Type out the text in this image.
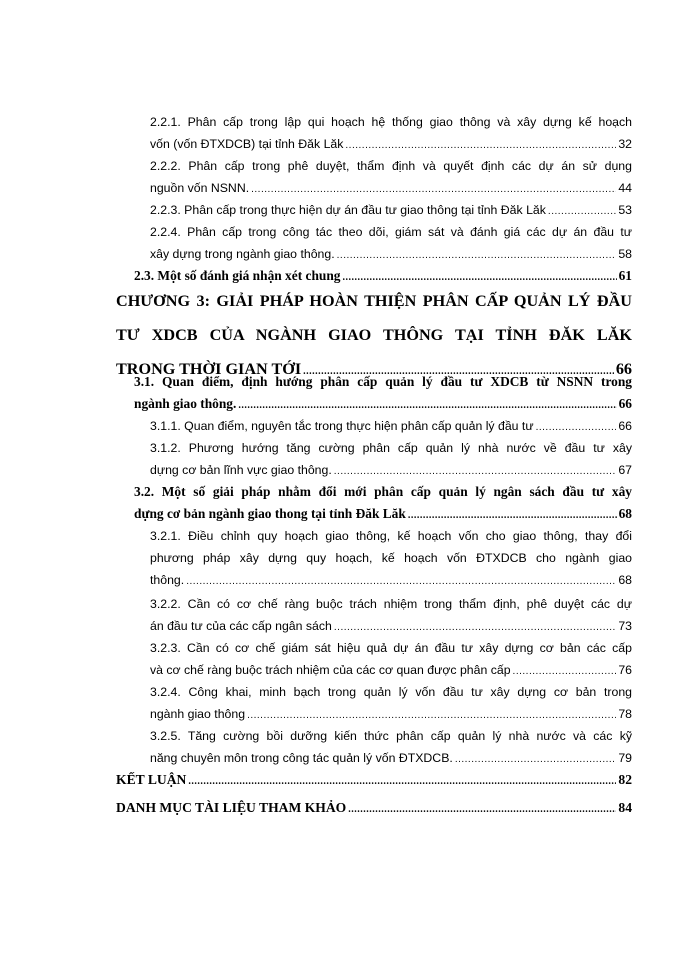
2.2.1. Phân cấp trong lập qui hoạch hệ thống giao thông và xây dựng kế hoạch
vốn (vốn ĐTXDCB) tại tỉnh Đăk Lăk .....	32
2.2.2. Phân cấp trong phê duyệt, thẩm định và quyết định các dự án sử dụng
nguồn vốn NSNN. .....	44
2.2.3. Phân cấp trong thực hiện dự án đầu tư giao thông tại tỉnh Đăk Lăk .....	53
2.2.4. Phân cấp trong công tác theo dõi, giám sát và đánh giá các dự án đầu tư
xây dựng trong ngành giao thông. .....	58
2.3. Một số đánh giá nhận xét chung .....	61
CHƯƠNG 3: GIẢI PHÁP HOÀN THIỆN PHÂN CẤP QUẢN LÝ ĐẦU
TƯ XDCB CỦA NGÀNH GIAO THÔNG TẠI TỈNH ĐĂK LĂK
TRONG THỜI GIAN TỚI .....	66
3.1. Quan điểm, định hướng phân cấp quản lý đầu tư XDCB từ NSNN trong
ngành giao thông. .....	66
3.1.1. Quan điểm, nguyên tắc trong thực hiện phân cấp quản lý đầu tư .....	66
3.1.2. Phương hướng tăng cường phân cấp quản lý nhà nước về đầu tư xây
dựng cơ bản lĩnh vực giao thông. .....	67
3.2. Một số giải pháp nhằm đổi mới phân cấp quản lý ngân sách đầu tư xây
dựng cơ bản ngành giao thong tại tỉnh Đăk Lăk .....	68
3.2.1. Điều chỉnh quy hoạch giao thông, kế hoạch vốn cho giao thông, thay đổi
phương pháp xây dựng quy hoạch, kế hoạch vốn ĐTXDCB cho ngành giao
thông. .....	68
3.2.2. Cần có cơ chế ràng buộc trách nhiệm trong thẩm định, phê duyệt các dự
án đầu tư của các cấp ngân sách .....	73
3.2.3. Cần có cơ chế giám sát hiệu quả dự án đầu tư xây dựng cơ bản các cấp
và cơ chế ràng buộc trách nhiệm của các cơ quan được phân cấp .....	76
3.2.4. Công khai, minh bạch trong quản lý vốn đầu tư xây dựng cơ bản trong
ngành giao thông .....	78
3.2.5. Tăng cường bồi dưỡng kiến thức phân cấp quản lý nhà nước và các kỹ
năng chuyên môn trong công tác quản lý vốn ĐTXDCB. .....	79
KẾT LUẬN .....	82
DANH MỤC TÀI LIỆU THAM KHẢO .....	84
